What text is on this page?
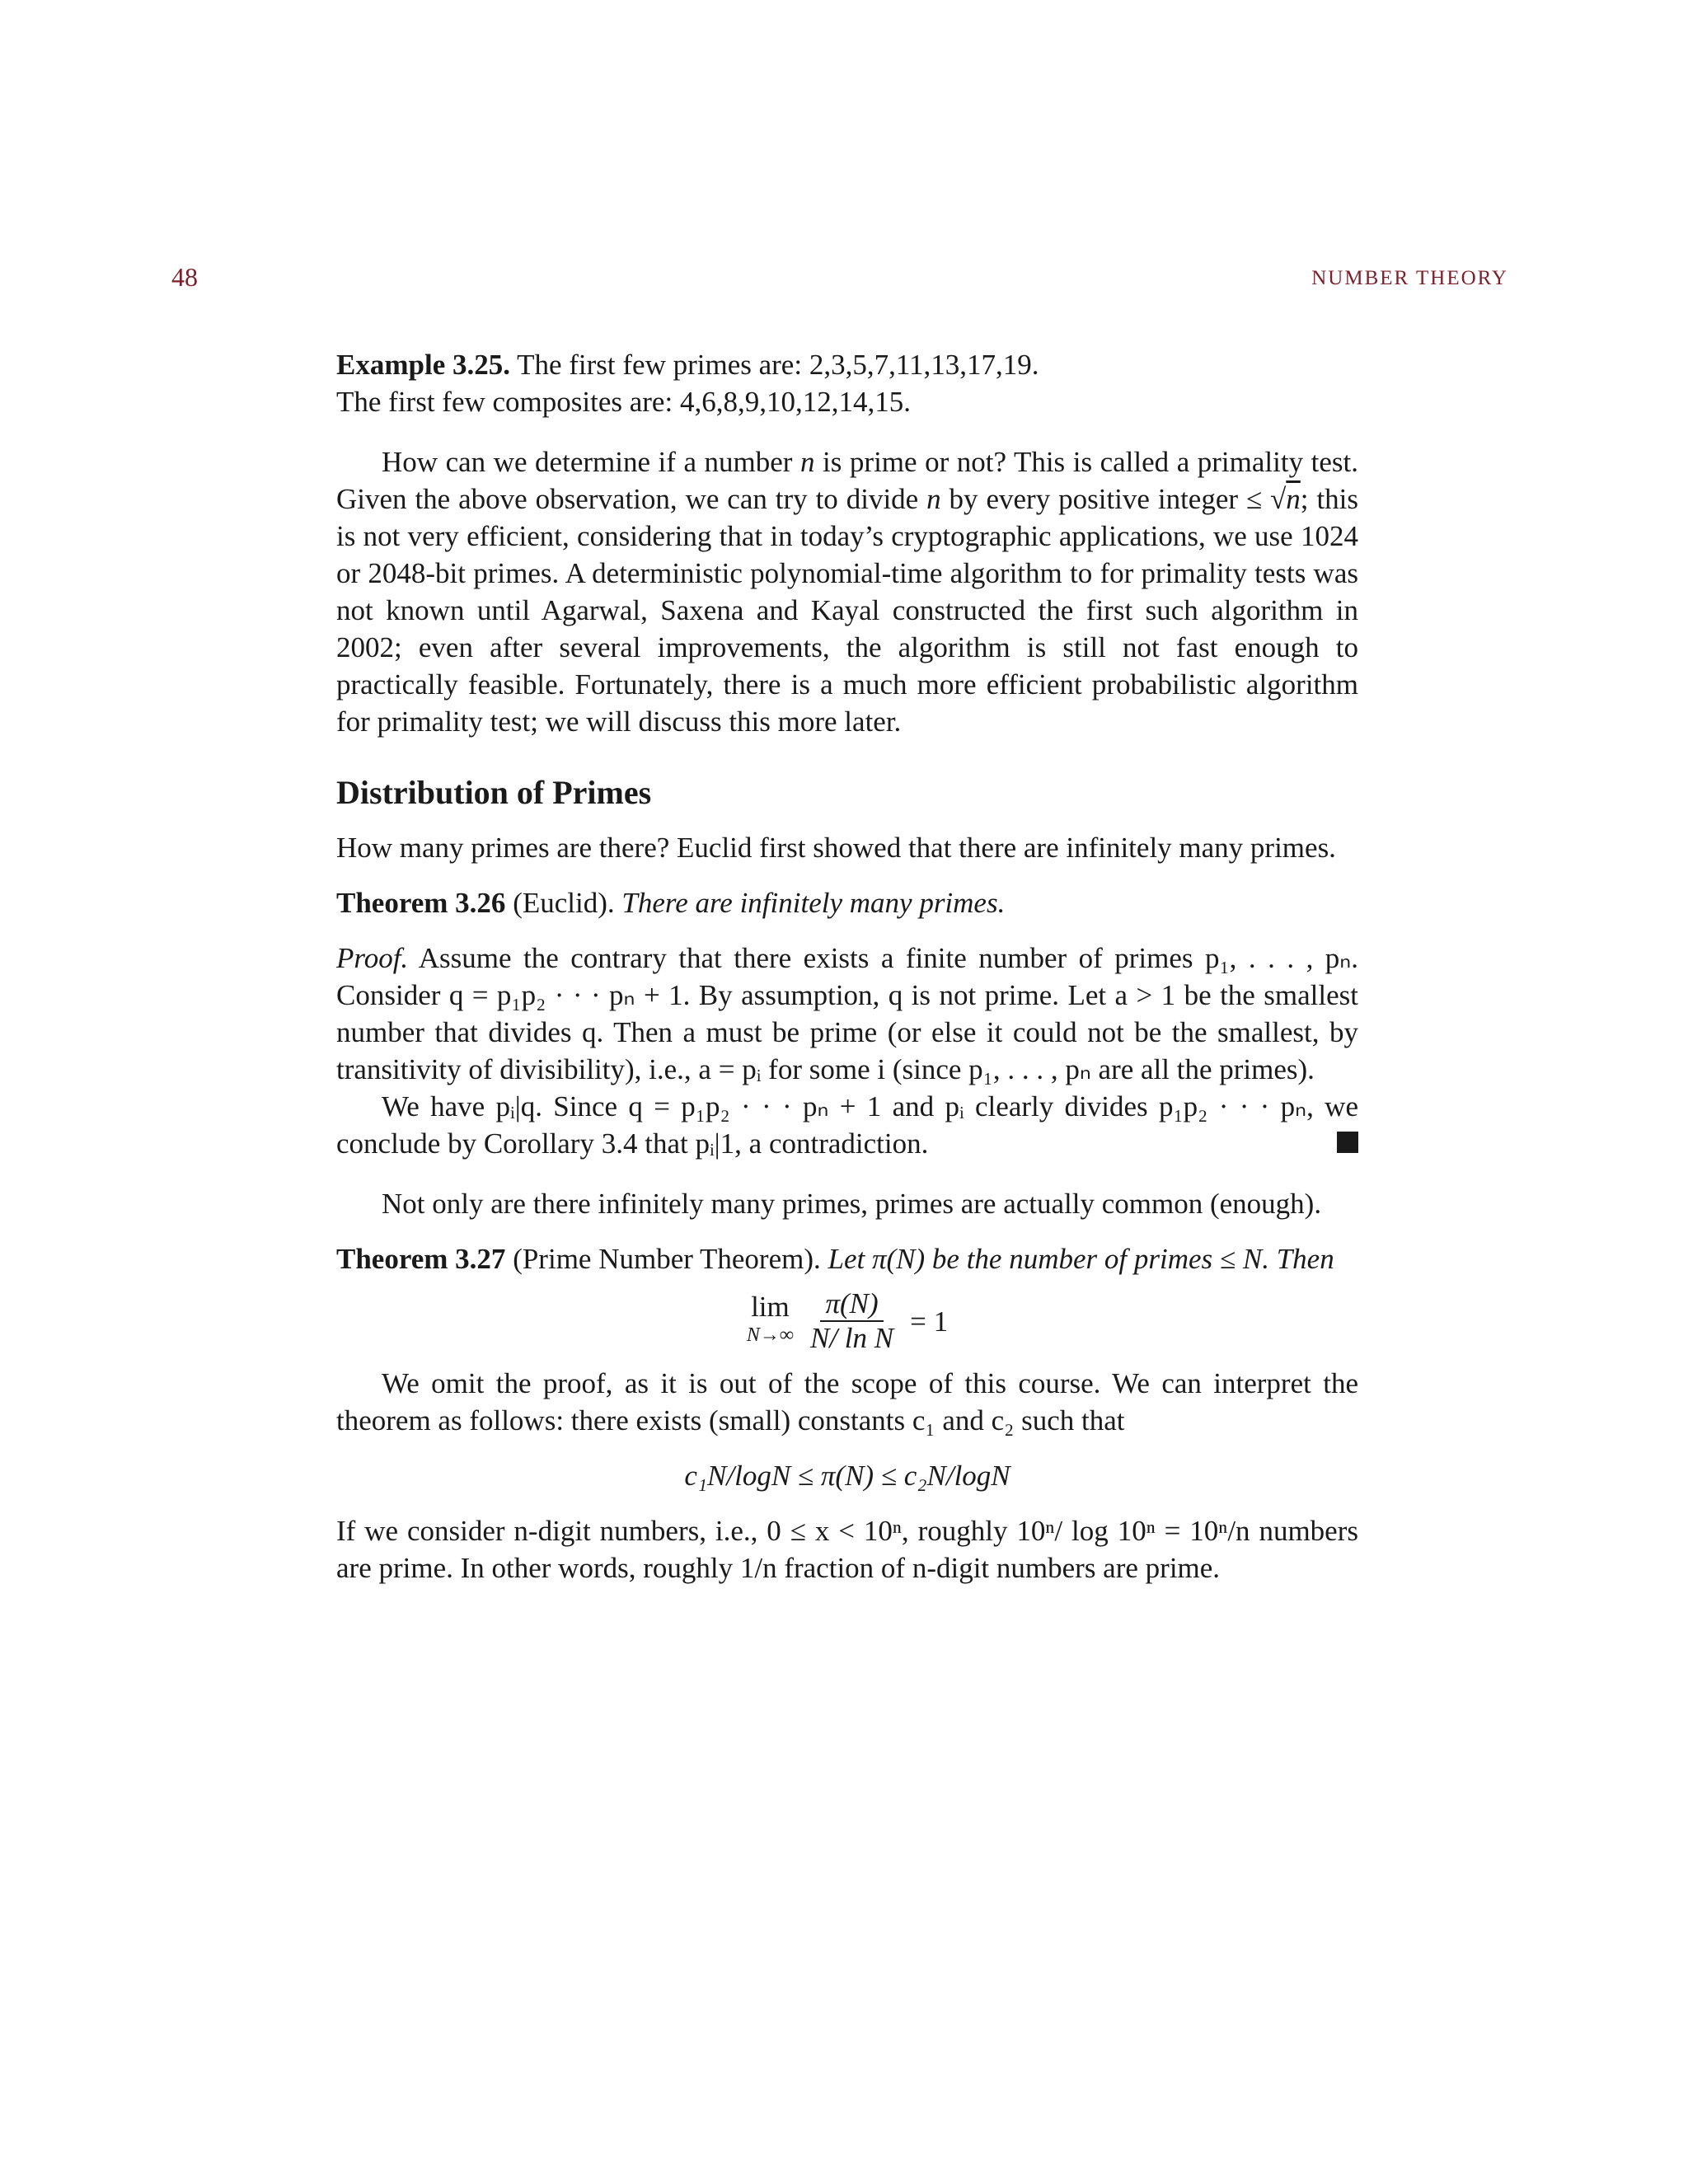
48	NUMBER THEORY

Example 3.25. The first few primes are: 2,3,5,7,11,13,17,19.
The first few composites are: 4,6,8,9,10,12,14,15.

How can we determine if a number n is prime or not? This is called a primality test. Given the above observation, we can try to divide n by every positive integer ≤ √n; this is not very efficient, considering that in today’s cryptographic applications, we use 1024 or 2048-bit primes. A deterministic polynomial-time algorithm to for primality tests was not known until Agarwal, Saxena and Kayal constructed the first such algorithm in 2002; even after several improvements, the algorithm is still not fast enough to practically feasible. Fortunately, there is a much more efficient probabilistic algorithm for primality test; we will discuss this more later.

Distribution of Primes

How many primes are there? Euclid first showed that there are infinitely many primes.

Theorem 3.26 (Euclid). There are infinitely many primes.

Proof. Assume the contrary that there exists a finite number of primes p₁, . . . , pₙ. Consider q = p₁p₂ · · · pₙ + 1. By assumption, q is not prime. Let a > 1 be the smallest number that divides q. Then a must be prime (or else it could not be the smallest, by transitivity of divisibility), i.e., a = pᵢ for some i (since p₁, . . . , pₙ are all the primes).

We have pᵢ|q. Since q = p₁p₂ · · · pₙ + 1 and pᵢ clearly divides p₁p₂ · · · pₙ, we conclude by Corollary 3.4 that pᵢ|1, a contradiction.

Not only are there infinitely many primes, primes are actually common (enough).

Theorem 3.27 (Prime Number Theorem). Let π(N) be the number of primes ≤ N. Then

lim
$N\to\infty \frac{\pi(N)}{\text{N/ ln N}} = 1$

We omit the proof, as it is out of the scope of this course. We can interpret the theorem as follows: there exists (small) constants c₁ and c₂ such that

c₁N/logN ≤ π(N) ≤ c₂N/logN

If we consider n-digit numbers, i.e., 0 ≤ x < 10ⁿ, roughly 10ⁿ/ log 10ⁿ = 10ⁿ/n numbers are prime. In other words, roughly 1/n fraction of n-digit numbers are prime.
